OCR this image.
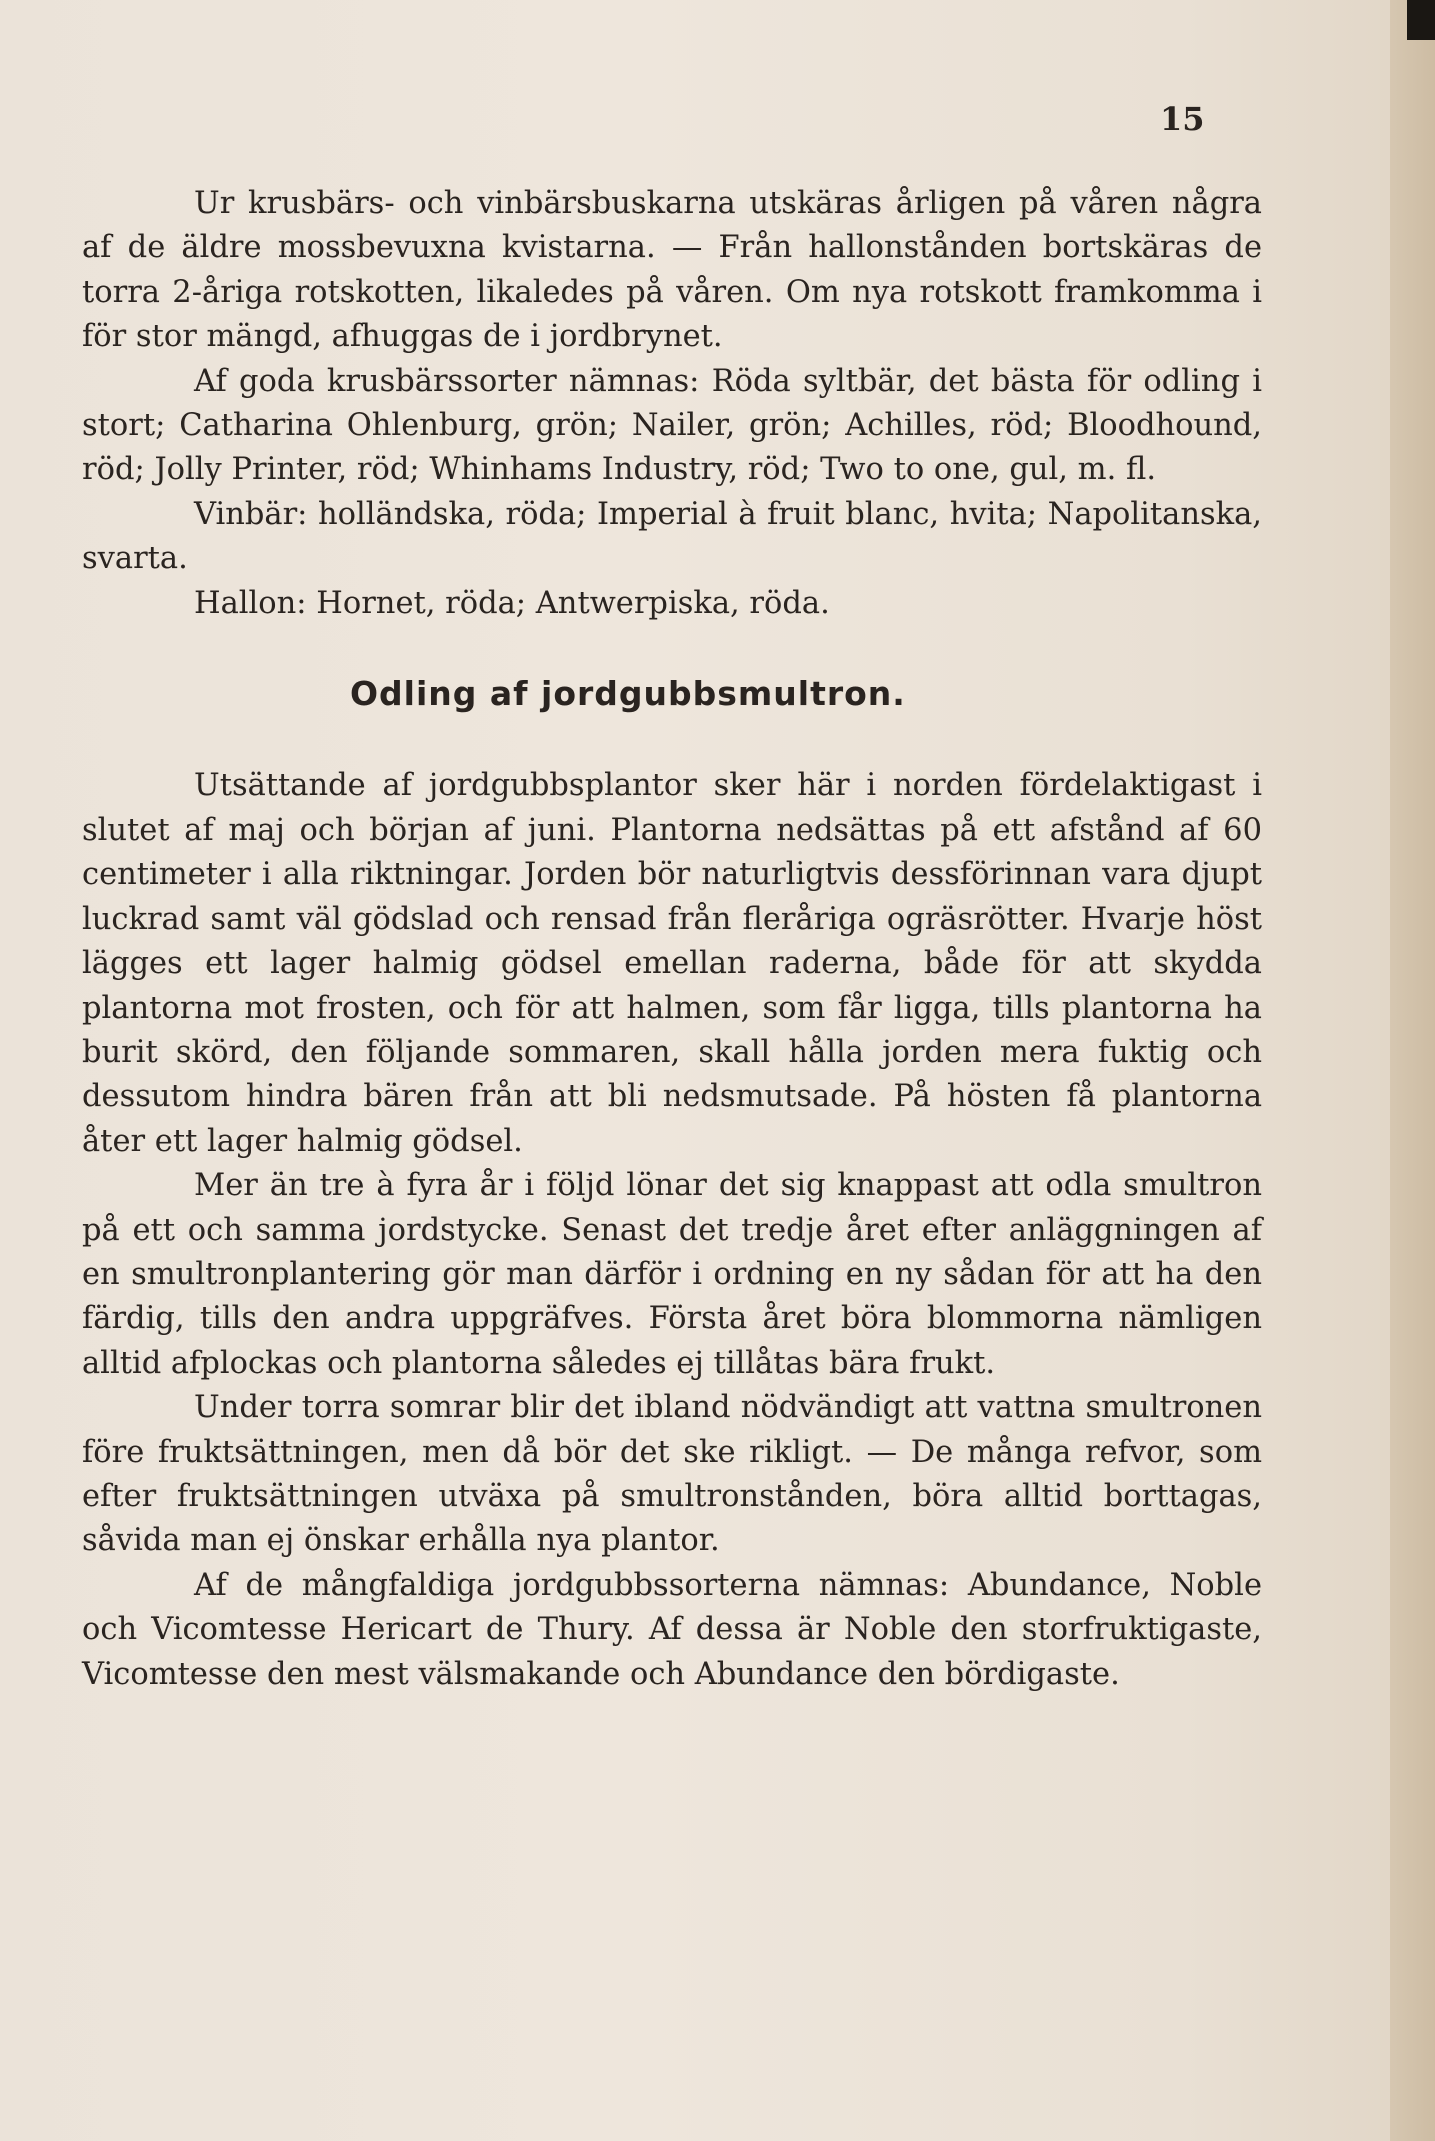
15

Ur krusbärs- och vinbärsbuskarna utskäras årligen på våren några af de äldre mossbevuxna kvistarna. — Från hallonstånden bortskäras de torra 2-åriga rotskotten, likaledes på våren. Om nya rotskott framkomma i för stor mängd, afhuggas de i jordbrynet.

Af goda krusbärssorter nämnas: Röda syltbär, det bästa för odling i stort; Catharina Ohlenburg, grön; Nailer, grön; Achilles, röd; Bloodhound, röd; Jolly Printer, röd; Whinhams Industry, röd; Two to one, gul, m. fl.

Vinbär: holländska, röda; Imperial à fruit blanc, hvita; Napolitanska, svarta.

Hallon: Hornet, röda; Antwerpiska, röda.

Odling af jordgubbsmultron.

Utsättande af jordgubbsplantor sker här i norden fördelaktigast i slutet af maj och början af juni. Plantorna nedsättas på ett afstånd af 60 centimeter i alla riktningar. Jorden bör naturligtvis dessförinnan vara djupt luckrad samt väl gödslad och rensad från fleråriga ogräsrötter. Hvarje höst lägges ett lager halmig gödsel emellan raderna, både för att skydda plantorna mot frosten, och för att halmen, som får ligga, tills plantorna ha burit skörd, den följande sommaren, skall hålla jorden mera fuktig och dessutom hindra bären från att bli nedsmutsade. På hösten få plantorna åter ett lager halmig gödsel.

Mer än tre à fyra år i följd lönar det sig knappast att odla smultron på ett och samma jordstycke. Senast det tredje året efter anläggningen af en smultronplantering gör man därför i ordning en ny sådan för att ha den färdig, tills den andra uppgräfves. Första året böra blommorna nämligen alltid afplockas och plantorna således ej tillåtas bära frukt.

Under torra somrar blir det ibland nödvändigt att vattna smultronen före fruktsättningen, men då bör det ske rikligt. — De många refvor, som efter fruktsättningen utväxa på smultronstånden, böra alltid borttagas, såvida man ej önskar erhålla nya plantor.

Af de mångfaldiga jordgubbssorterna nämnas: Abundance, Noble och Vicomtesse Hericart de Thury. Af dessa är Noble den storfruktigaste, Vicomtesse den mest välsmakande och Abundance den bördigaste.
